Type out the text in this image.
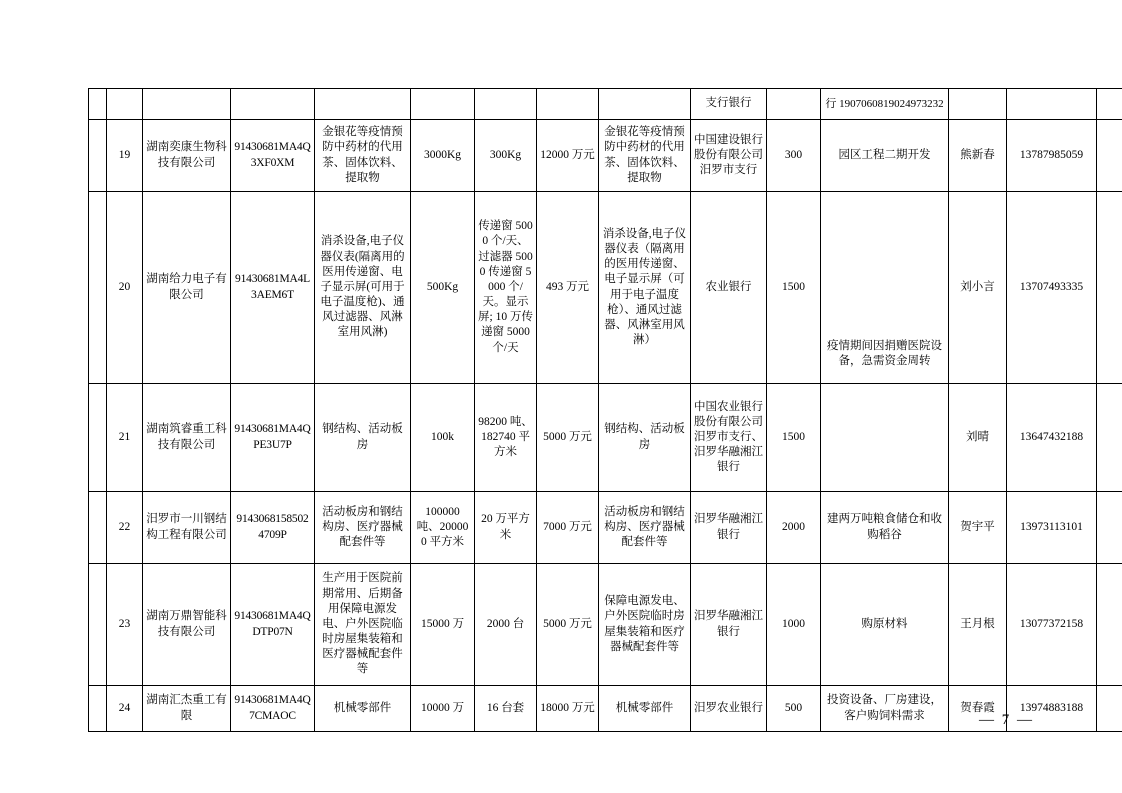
									支行银行		行 1907060819024973232			
	19	湖南奕康生物科技有限公司	91430681MA4Q3XF0XM	金银花等疫情预防中药材的代用茶、固体饮料、提取物	3000Kg	300Kg	12000 万元	金银花等疫情预防中药材的代用茶、固体饮料、提取物	中国建设银行股份有限公司汨罗市支行	300	园区工程二期开发	熊新春	13787985059	
	20	湖南给力电子有限公司	91430681MA4L3AEM6T	消杀设备,电子仪器仪表(隔离用的医用传递窗、电子显示屏(可用于电子温度枪)、通风过滤器、风淋室用风淋)	500Kg	传递窗 5000 个/天、过滤器 5000 传递窗 5000 个/天。显示屏; 10 万传递窗 5000 个/天	493 万元	消杀设备,电子仪器仪表（隔离用的医用传递窗、电子显示屏（可用于电子温度枪）、通风过滤器、风淋室用风淋）	农业银行	1500	疫情期间因捐赠医院设备，急需资金周转	刘小言	13707493335	
	21	湖南筑睿重工科技有限公司	91430681MA4QPE3U7P	钢结构、活动板房	100k	98200 吨、182740 平方米	5000 万元	钢结构、活动板房	中国农业银行股份有限公司汨罗市支行、汨罗华融湘江银行	1500		刘晴	13647432188	
	22	汨罗市一川钢结构工程有限公司	91430681585024709P	活动板房和钢结构房、医疗器械配套件等	100000 吨、200000 平方米	20 万平方米	7000 万元	活动板房和钢结构房、医疗器械配套件等	汨罗华融湘江银行	2000	建两万吨粮食储仓和收购稻谷	贺宇平	13973113101	
	23	湖南万鼎智能科技有限公司	91430681MA4QDTP07N	生产用于医院前期常用、后期备用保障电源发电、户外医院临时房屋集装箱和医疗器械配套件等	15000 万	2000 台	5000 万元	保障电源发电、户外医院临时房屋集装箱和医疗器械配套件等	汨罗华融湘江银行	1000	购原材料	王月根	13077372158	
	24	湖南汇杰重工有限	91430681MA4Q7CMAOC	机械零部件	10000 万	16 台套	18000 万元	机械零部件	汨罗农业银行	500	投资设备、厂房建设，客户购饲料需求	贺春霞	13974883188	
— 7 —
